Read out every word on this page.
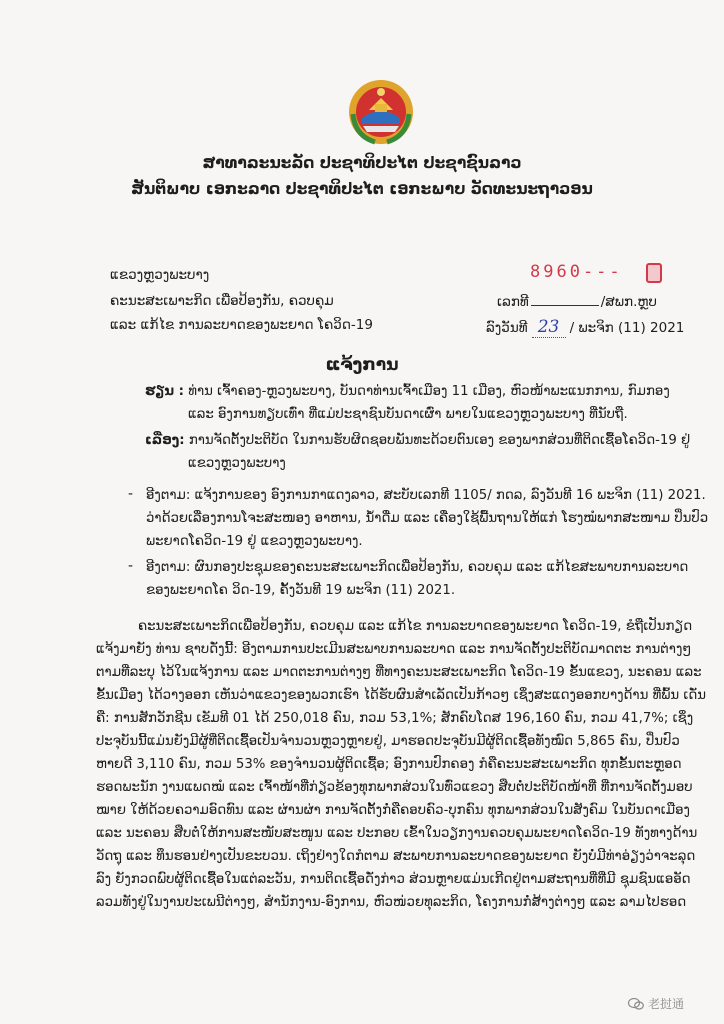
ສາທາລະນະລັດ ປະຊາທິປະໄຕ ປະຊາຊົນລາວ
ສັນຕິພາບ ເອກະລາດ ປະຊາທິປະໄຕ ເອກະພາບ ວັດທະນະຖາວອນ
ແຂວງຫຼວງພະບາງ
ຄະນະສະເພາະກິດ ເພື່ອປ້ອງກັນ, ຄວບຄຸມ
ແລະ ແກ້ໄຂ ການລະບາດຂອງພະຍາດ ໂຄວິດ-19
8960---
ເລກທີ	/ສພກ.ຫຼບ
ລົງວັນທີ 23 / ພະຈິກ (11) 2021
ແຈ້ງການ
ຮຽນ : ທ່ານ ເຈົ້າຄອງ-ຫຼວງພະບາງ, ບັນດາທ່ານເຈົ້າເມືອງ 11 ເມືອງ, ຫົວໜ້າພະແນກການ, ກົມກອງ
ແລະ ອົງການທຽບເທົ່າ ທີ່ແມ່ປະຊາຊົນບັນດາເຜົ່າ ພາຍໃນແຂວງຫຼວງພະບາງ ທີ່ນັບຖື.
ເລື່ອງ: ການຈັດຕັ້ງປະຕິບັດ ໃນການຮັບຜິດຊອບພັນທະດ້ວຍຕົນເອງ ຂອງພາກສ່ວນທີ່ຕິດເຊື້ອໂຄວິດ-19 ຢູ່
ແຂວງຫຼວງພະບາງ
- ອີງຕາມ: ແຈ້ງການຂອງ ອົງການກາແດງລາວ, ສະບັບເລກທີ 1105/ ກດລ, ລົງວັນທີ 16 ພະຈິກ (11) 2021.
ວ່າດ້ວຍເລື່ອງການໂຈະສະໜອງ ອາຫານ, ນ້ຳດື່ມ ແລະ ເຄື່ອງໃຊ້ພື້ນຖານໃຫ້ແກ່ ໂຮງໝໍພາກສະໜາມ ປິ່ນປົວ
ພະຍາດໂຄວິດ-19 ຢູ່ ແຂວງຫຼວງພະບາງ.
- ອີງຕາມ: ຜົນກອງປະຊຸມຂອງຄະນະສະເພາະກິດເພື່ອປ້ອງກັນ, ຄວບຄຸມ ແລະ ແກ້ໄຂສະພາບການລະບາດ
ຂອງພະຍາດໂຄ ວິດ-19, ຄັ້ງວັນທີ 19 ພະຈິກ (11) 2021.
ຄະນະສະເພາະກິດເພື່ອປ້ອງກັນ, ຄວບຄຸມ ແລະ ແກ້ໄຂ ການລະບາດຂອງພະຍາດ ໂຄວິດ-19, ຂໍຖືເປັນກຽດ
ແຈ້ງມາຍັງ ທ່ານ ຊາບດັ່ງນີ້: ອີງຕາມການປະເມີນສະພາບການລະບາດ ແລະ ການຈັດຕັ້ງປະຕິບັດມາດຕະ ການຕ່າງໆ
ຕາມທີ່ລະບຸ ໄວ້ໃນແຈ້ງການ ແລະ ມາດຕະການຕ່າງໆ ທີ່ທາງຄະນະສະເພາະກິດ ໂຄວິດ-19 ຂັ້ນແຂວງ, ນະຄອນ ແລະ
ຂັ້ນເມືອງ ໄດ້ວາງອອກ ເຫັນວ່າແຂວງຂອງພວກເຮົາ ໄດ້ຮັບຜົນສໍາເລັດເປັນກ້າວໆ ເຊິ່ງສະແດງອອກບາງດ້ານ ທີ່ພົ້ນ ເດັ່ນ
ຄື: ການສັກວັກຊີນ ເຂັມທີ 01 ໄດ້ 250,018 ຄົນ, ກວມ 53,1%; ສັກຄົບໂດສ 196,160 ຄົນ, ກວມ 41,7%; ເຊິ່ງ
ປະຈຸບັນນີ້ແມ່ນຍັງມີຜູ້ທີ່ຕິດເຊື້ອເປັນຈຳນວນຫຼວງຫຼາຍຢູ່, ມາຮອດປະຈຸບັນມີຜູ້ຕິດເຊື້ອທັງໝົດ 5,865 ຄົນ, ປິ່ນປົວ
ຫາຍດີ 3,110 ຄົນ, ກວມ 53% ຂອງຈຳນວນຜູ້ຕິດເຊື້ອ; ອົງການປົກຄອງ ກໍຄືຄະນະສະເພາະກິດ ທຸກຂັ້ນຕະຫຼອດ
ຮອດພະນັກ ງານແພດໝໍ ແລະ ເຈົ້າໜ້າທີ່ກ່ຽວຂ້ອງທຸກພາກສ່ວນໃນທົ່ວແຂວງ ສືບຕໍ່ປະຕິບັດໜ້າທີ່ ທີ່ການຈັດຕັ້ງມອບ
ໝາຍ ໃຫ້ດ້ວຍຄວາມອົດທົນ ແລະ ຜ່ານຜ່າ ການຈັດຕັ້ງກໍ່ຄືຄອບຄົວ-ບຸກຄົນ ທຸກພາກສ່ວນໃນສັງຄົມ ໃນບັນດາເມືອງ
ແລະ ນະຄອນ ສືບຕໍ່ໃຫ້ການສະໜັບສະໜູນ ແລະ ປະກອບ ເຂົ້າໃນວຽກງານຄວບຄຸມພະຍາດໂຄວິດ-19 ທັງທາງດ້ານ
ວັດຖຸ ແລະ ທຶນຮອນຢ່າງເປັນຂະບວນ. ເຖິງຢ່າງໃດກໍຕາມ ສະພາບການລະບາດຂອງພະຍາດ ຍັງບໍ່ມີທ່າອ່ຽງວ່າຈະລຸດ
ລົງ ຍັງກວດພົບຜູ້ຕິດເຊື້ອໃນແຕ່ລະວັນ, ການຕິດເຊື້ອດັ່ງກ່າວ ສ່ວນຫຼາຍແມ່ນເກີດຢູ່ຕາມສະຖານທີ່ທີ່ມີ ຊຸມຊົນແອອັດ
ລວມທັງຢູ່ໃນງານປະເພນີຕ່າງໆ, ສໍານັກງານ-ອົງການ, ຫົວໜ່ວຍທຸລະກິດ, ໂຄງການກໍ່ສ້າງຕ່າງໆ ແລະ ລາມໄປຮອດ
老挝通
